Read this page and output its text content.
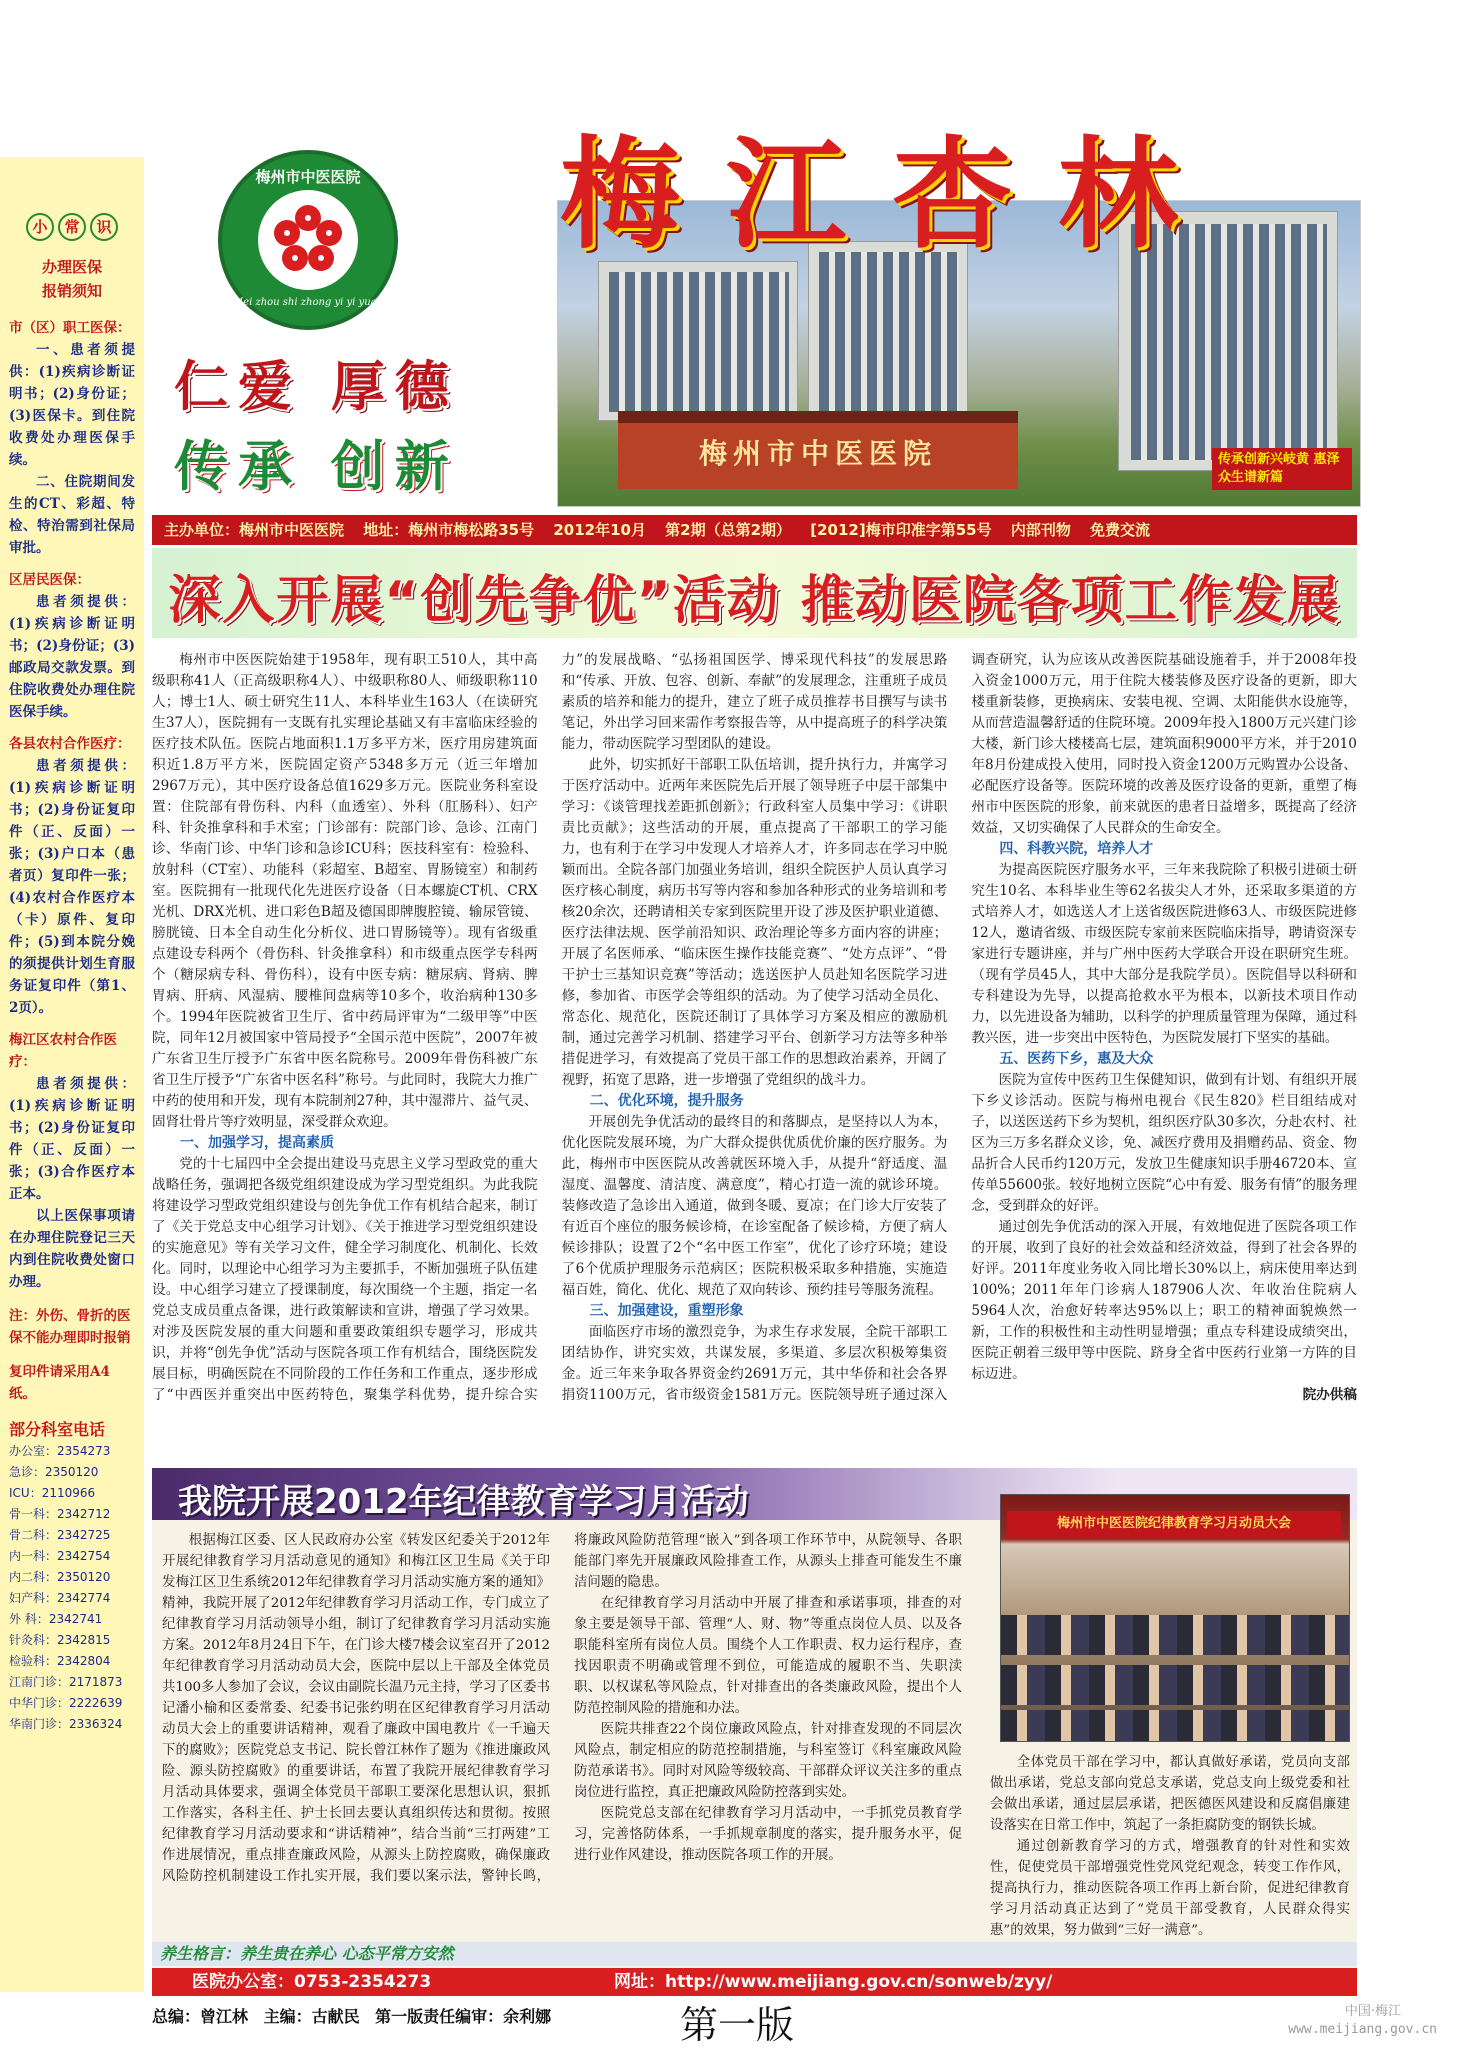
小	常	识
办理医保
报销须知
市（区）职工医保：
一、患者须提供：(1)疾病诊断证明书；(2)身份证；(3)医保卡。到住院收费处办理医保手续。
二、住院期间发生的CT、彩超、特检、特治需到社保局审批。
区居民医保：
患者须提供：(1)疾病诊断证明书；(2)身份证；(3)邮政局交款发票。到住院收费处办理住院医保手续。
各县农村合作医疗：
患者须提供：(1)疾病诊断证明书；(2)身份证复印件（正、反面）一张；(3)户口本（患者页）复印件一张；(4)农村合作医疗本（卡）原件、复印件；(5)到本院分娩的须提供计划生育服务证复印件（第1、2页）。
梅江区农村合作医疗：
患者须提供：(1)疾病诊断证明书；(2)身份证复印件（正、反面）一张；(3)合作医疗本正本。
以上医保事项请在办理住院登记三天内到住院收费处窗口办理。
注：外伤、骨折的医保不能办理即时报销
复印件请采用A4纸。
部分科室电话
办公室：2354273
急诊：2350120
ICU：2110966
骨一科：2342712
骨二科：2342725
内一科：2342754
内二科：2350120
妇产科：2342774
外 科：2342741
针灸科：2342815
检验科：2342804
江南门诊：2171873
中华门诊：2222639
华南门诊：2336324
梅州市中医医院
Mei zhou shi zhong yi yi yuan
仁爱 厚德
传承 创新	梅州市中医医院	传承创新兴岐黄 惠泽众生谱新篇
梅江杏林
主办单位：梅州市中医医院 地址：梅州市梅松路35号 2012年10月 第2期（总第2期） [2012]梅市印准字第55号 内部刊物 免费交流
深入开展“创先争优”活动 推动医院各项工作发展

梅州市中医医院始建于1958年，现有职工510人，其中高级职称41人（正高级职称4人）、中级职称80人、师级职称110人；博士1人、硕士研究生11人、本科毕业生163人（在读研究生37人），医院拥有一支既有扎实理论基础又有丰富临床经验的医疗技术队伍。医院占地面积1.1万多平方米，医疗用房建筑面积近1.8万平方米，医院固定资产5348多万元（近三年增加2967万元），其中医疗设备总值1629多万元。医院业务科室设置：住院部有骨伤科、内科（血透室）、外科（肛肠科）、妇产科、针灸推拿科和手术室；门诊部有：院部门诊、急诊、江南门诊、华南门诊、中华门诊和急诊ICU科；医技科室有：检验科、放射科（CT室）、功能科（彩超室、B超室、胃肠镜室）和制药室。医院拥有一批现代化先进医疗设备（日本螺旋CT机、CRX光机、DRX光机、进口彩色B超及德国即牌腹腔镜、输尿管镜、膀胱镜、日本全自动生化分析仪、进口胃肠镜等）。现有省级重点建设专科两个（骨伤科、针灸推拿科）和市级重点医学专科两个（糖尿病专科、骨伤科），设有中医专病：糖尿病、肾病、脾胃病、肝病、风湿病、腰椎间盘病等10多个，收治病种130多个。1994年医院被省卫生厅、省中药局评审为“二级甲等”中医院，同年12月被国家中管局授予“全国示范中医院”，2007年被广东省卫生厅授予广东省中医名院称号。2009年骨伤科被广东省卫生厅授予“广东省中医名科”称号。与此同时，我院大力推广中药的使用和开发，现有本院制剂27种，其中湿滞片、益气灵、固肾壮骨片等疗效明显，深受群众欢迎。

一、加强学习，提高素质

党的十七届四中全会提出建设马克思主义学习型政党的重大战略任务，强调把各级党组织建设成为学习型党组织。为此我院将建设学习型政党组织建设与创先争优工作有机结合起来，制订了《关于党总支中心组学习计划》、《关于推进学习型党组织建设的实施意见》等有关学习文件，健全学习制度化、机制化、长效化。同时，以理论中心组学习为主要抓手，不断加强班子队伍建设。中心组学习建立了授课制度，每次围绕一个主题，指定一名党总支成员重点备课，进行政策解读和宣讲，增强了学习效果。对涉及医院发展的重大问题和重要政策组织专题学习，形成共识，并将“创先争优”活动与医院各项工作有机结合，围绕医院发展目标，明确医院在不同阶段的工作任务和工作重点，逐步形成了“中西医并重突出中医药特色，聚集学科优势，提升综合实力”的发展战略、“弘扬祖国医学、博采现代科技”的发展思路和“传承、开放、包容、创新、奉献”的发展理念，注重班子成员素质的培养和能力的提升，建立了班子成员推荐书目撰写与读书笔记，外出学习回来需作考察报告等，从中提高班子的科学决策能力，带动医院学习型团队的建设。

此外，切实抓好干部职工队伍培训，提升执行力，并寓学习于医疗活动中。近两年来医院先后开展了领导班子中层干部集中学习：《谈管理找差距抓创新》；行政科室人员集中学习：《讲职责比贡献》；这些活动的开展，重点提高了干部职工的学习能力，也有利于在学习中发现人才培养人才，许多同志在学习中脱颖而出。全院各部门加强业务培训，组织全院医护人员认真学习医疗核心制度，病历书写等内容和参加各种形式的业务培训和考核20余次，还聘请相关专家到医院里开设了涉及医护职业道德、医疗法律法规、医学前沿知识、政治理论等多方面内容的讲座；开展了名医师承、“临床医生操作技能竞赛”、“处方点评”、“骨干护士三基知识竞赛”等活动；选送医护人员赴知名医院学习进修，参加省、市医学会等组织的活动。为了使学习活动全员化、常态化、规范化，医院还制订了具体学习方案及相应的激励机制，通过完善学习机制、搭建学习平台、创新学习方法等多种举措促进学习，有效提高了党员干部工作的思想政治素养，开阔了视野，拓宽了思路，进一步增强了党组织的战斗力。

二、优化环境，提升服务

开展创先争优活动的最终目的和落脚点，是坚持以人为本，优化医院发展环境，为广大群众提供优质优价廉的医疗服务。为此，梅州市中医医院从改善就医环境入手，从提升“舒适度、温湿度、温馨度、清洁度、满意度”，精心打造一流的就诊环境。装修改造了急诊出入通道，做到冬暖、夏凉；在门诊大厅安装了有近百个座位的服务候诊椅，在诊室配备了候诊椅，方便了病人候诊排队；设置了2个“名中医工作室”，优化了诊疗环境；建设了6个优质护理服务示范病区；医院积极采取多种措施，实施造福百姓，简化、优化、规范了双向转诊、预约挂号等服务流程。

三、加强建设，重塑形象

面临医疗市场的激烈竞争，为求生存求发展，全院干部职工团结协作，讲究实效，共谋发展，多渠道、多层次积极筹集资金。近三年来争取各界资金约2691万元，其中华侨和社会各界捐资1100万元，省市级资金1581万元。医院领导班子通过深入调查研究，认为应该从改善医院基础设施着手，并于2008年投入资金1000万元，用于住院大楼装修及医疗设备的更新，即大楼重新装修，更换病床、安装电视、空调、太阳能供水设施等，从而营造温馨舒适的住院环境。2009年投入1800万元兴建门诊大楼，新门诊大楼楼高七层，建筑面积9000平方米，并于2010年8月份建成投入使用，同时投入资金1200万元购置办公设备、必配医疗设备等。医院环境的改善及医疗设备的更新，重塑了梅州市中医医院的形象，前来就医的患者日益增多，既提高了经济效益，又切实确保了人民群众的生命安全。

四、科教兴院，培养人才

为提高医院医疗服务水平，三年来我院除了积极引进硕士研究生10名、本科毕业生等62名拔尖人才外，还采取多渠道的方式培养人才，如选送人才上送省级医院进修63人、市级医院进修12人，邀请省级、市级医院专家前来医院临床指导，聘请资深专家进行专题讲座，并与广州中医药大学联合开设在职研究生班。（现有学员45人，其中大部分是我院学员）。医院倡导以科研和专科建设为先导，以提高抢救水平为根本，以新技术项目作动力，以先进设备为辅助，以科学的护理质量管理为保障，通过科教兴医，进一步突出中医特色，为医院发展打下坚实的基础。

五、医药下乡，惠及大众

医院为宣传中医药卫生保健知识，做到有计划、有组织开展下乡义诊活动。医院与梅州电视台《民生820》栏目组结成对子，以送医送药下乡为契机，组织医疗队30多次，分赴农村、社区为三万多名群众义诊，免、减医疗费用及捐赠药品、资金、物品折合人民币约120万元，发放卫生健康知识手册46720本、宣传单55600张。较好地树立医院“心中有爱、服务有情”的服务理念，受到群众的好评。

通过创先争优活动的深入开展，有效地促进了医院各项工作的开展，收到了良好的社会效益和经济效益，得到了社会各界的好评。2011年度业务收入同比增长30%以上，病床使用率达到100%；2011年年门诊病人187906人次、年收治住院病人5964人次，治愈好转率达95%以上；职工的精神面貌焕然一新，工作的积极性和主动性明显增强；重点专科建设成绩突出，医院正朝着三级甲等中医院、跻身全省中医药行业第一方阵的目标迈进。

院办供稿
我院开展2012年纪律教育学习月活动

根据梅江区委、区人民政府办公室《转发区纪委关于2012年开展纪律教育学习月活动意见的通知》和梅江区卫生局《关于印发梅江区卫生系统2012年纪律教育学习月活动实施方案的通知》精神，我院开展了2012年纪律教育学习月活动工作，专门成立了纪律教育学习月活动领导小组，制订了纪律教育学习月活动实施方案。2012年8月24日下午，在门诊大楼7楼会议室召开了2012年纪律教育学习月活动动员大会，医院中层以上干部及全体党员共100多人参加了会议，会议由副院长温乃元主持，学习了区委书记潘小榆和区委常委、纪委书记张约明在区纪律教育学习月活动动员大会上的重要讲话精神，观看了廉政中国电教片《一千遍天下的腐败》；医院党总支书记、院长曾江林作了题为《推进廉政风险、源头防控腐败》的重要讲话，布置了我院开展纪律教育学习月活动具体要求，强调全体党员干部职工要深化思想认识，狠抓工作落实，各科主任、护士长回去要认真组织传达和贯彻。按照纪律教育学习月活动要求和“讲话精神”，结合当前“三打两建”工作进展情况，重点排查廉政风险，从源头上防控腐败，确保廉政风险防控机制建设工作扎实开展，我们要以案示法，警钟长鸣，将廉政风险防范管理“嵌入”到各项工作环节中，从院领导、各职能部门率先开展廉政风险排查工作，从源头上排查可能发生不廉洁问题的隐患。

在纪律教育学习月活动中开展了排查和承诺事项，排查的对象主要是领导干部、管理“人、财、物”等重点岗位人员、以及各职能科室所有岗位人员。围绕个人工作职责、权力运行程序，查找因职责不明确或管理不到位，可能造成的履职不当、失职渎职、以权谋私等风险点，针对排查出的各类廉政风险，提出个人防范控制风险的措施和办法。

医院共排查22个岗位廉政风险点，针对排查发现的不同层次风险点，制定相应的防范控制措施，与科室签订《科室廉政风险防范承诺书》。同时对风险等级较高、干部群众评议关注多的重点岗位进行监控，真正把廉政风险防控落到实处。

医院党总支部在纪律教育学习月活动中，一手抓党员教育学习，完善恪防体系，一手抓规章制度的落实，提升服务水平，促进行业作风建设，推动医院各项工作的开展。

梅州市中医医院纪律教育学习月动员大会

全体党员干部在学习中，都认真做好承诺，党员向支部做出承诺，党总支部向党总支承诺，党总支向上级党委和社会做出承诺，通过层层承诺，把医德医风建设和反腐倡廉建设落实在日常工作中，筑起了一条拒腐防变的钢铁长城。

通过创新教育学习的方式，增强教育的针对性和实效性，促使党员干部增强党性党风党纪观念，转变工作作风，提高执行力，推动医院各项工作再上新台阶，促进纪律教育学习月活动真正达到了“党员干部受教育，人民群众得实惠”的效果，努力做到“三好一满意”。

养生格言：养生贵在养心 心态平常方安然
医院办公室：0753-2354273	网址：http://www.meijiang.gov.cn/sonweb/zyy/
总编：曾江林 主编：古献民 第一版责任编审：余利娜	第一版	中国·梅江
www.meijiang.gov.cn
